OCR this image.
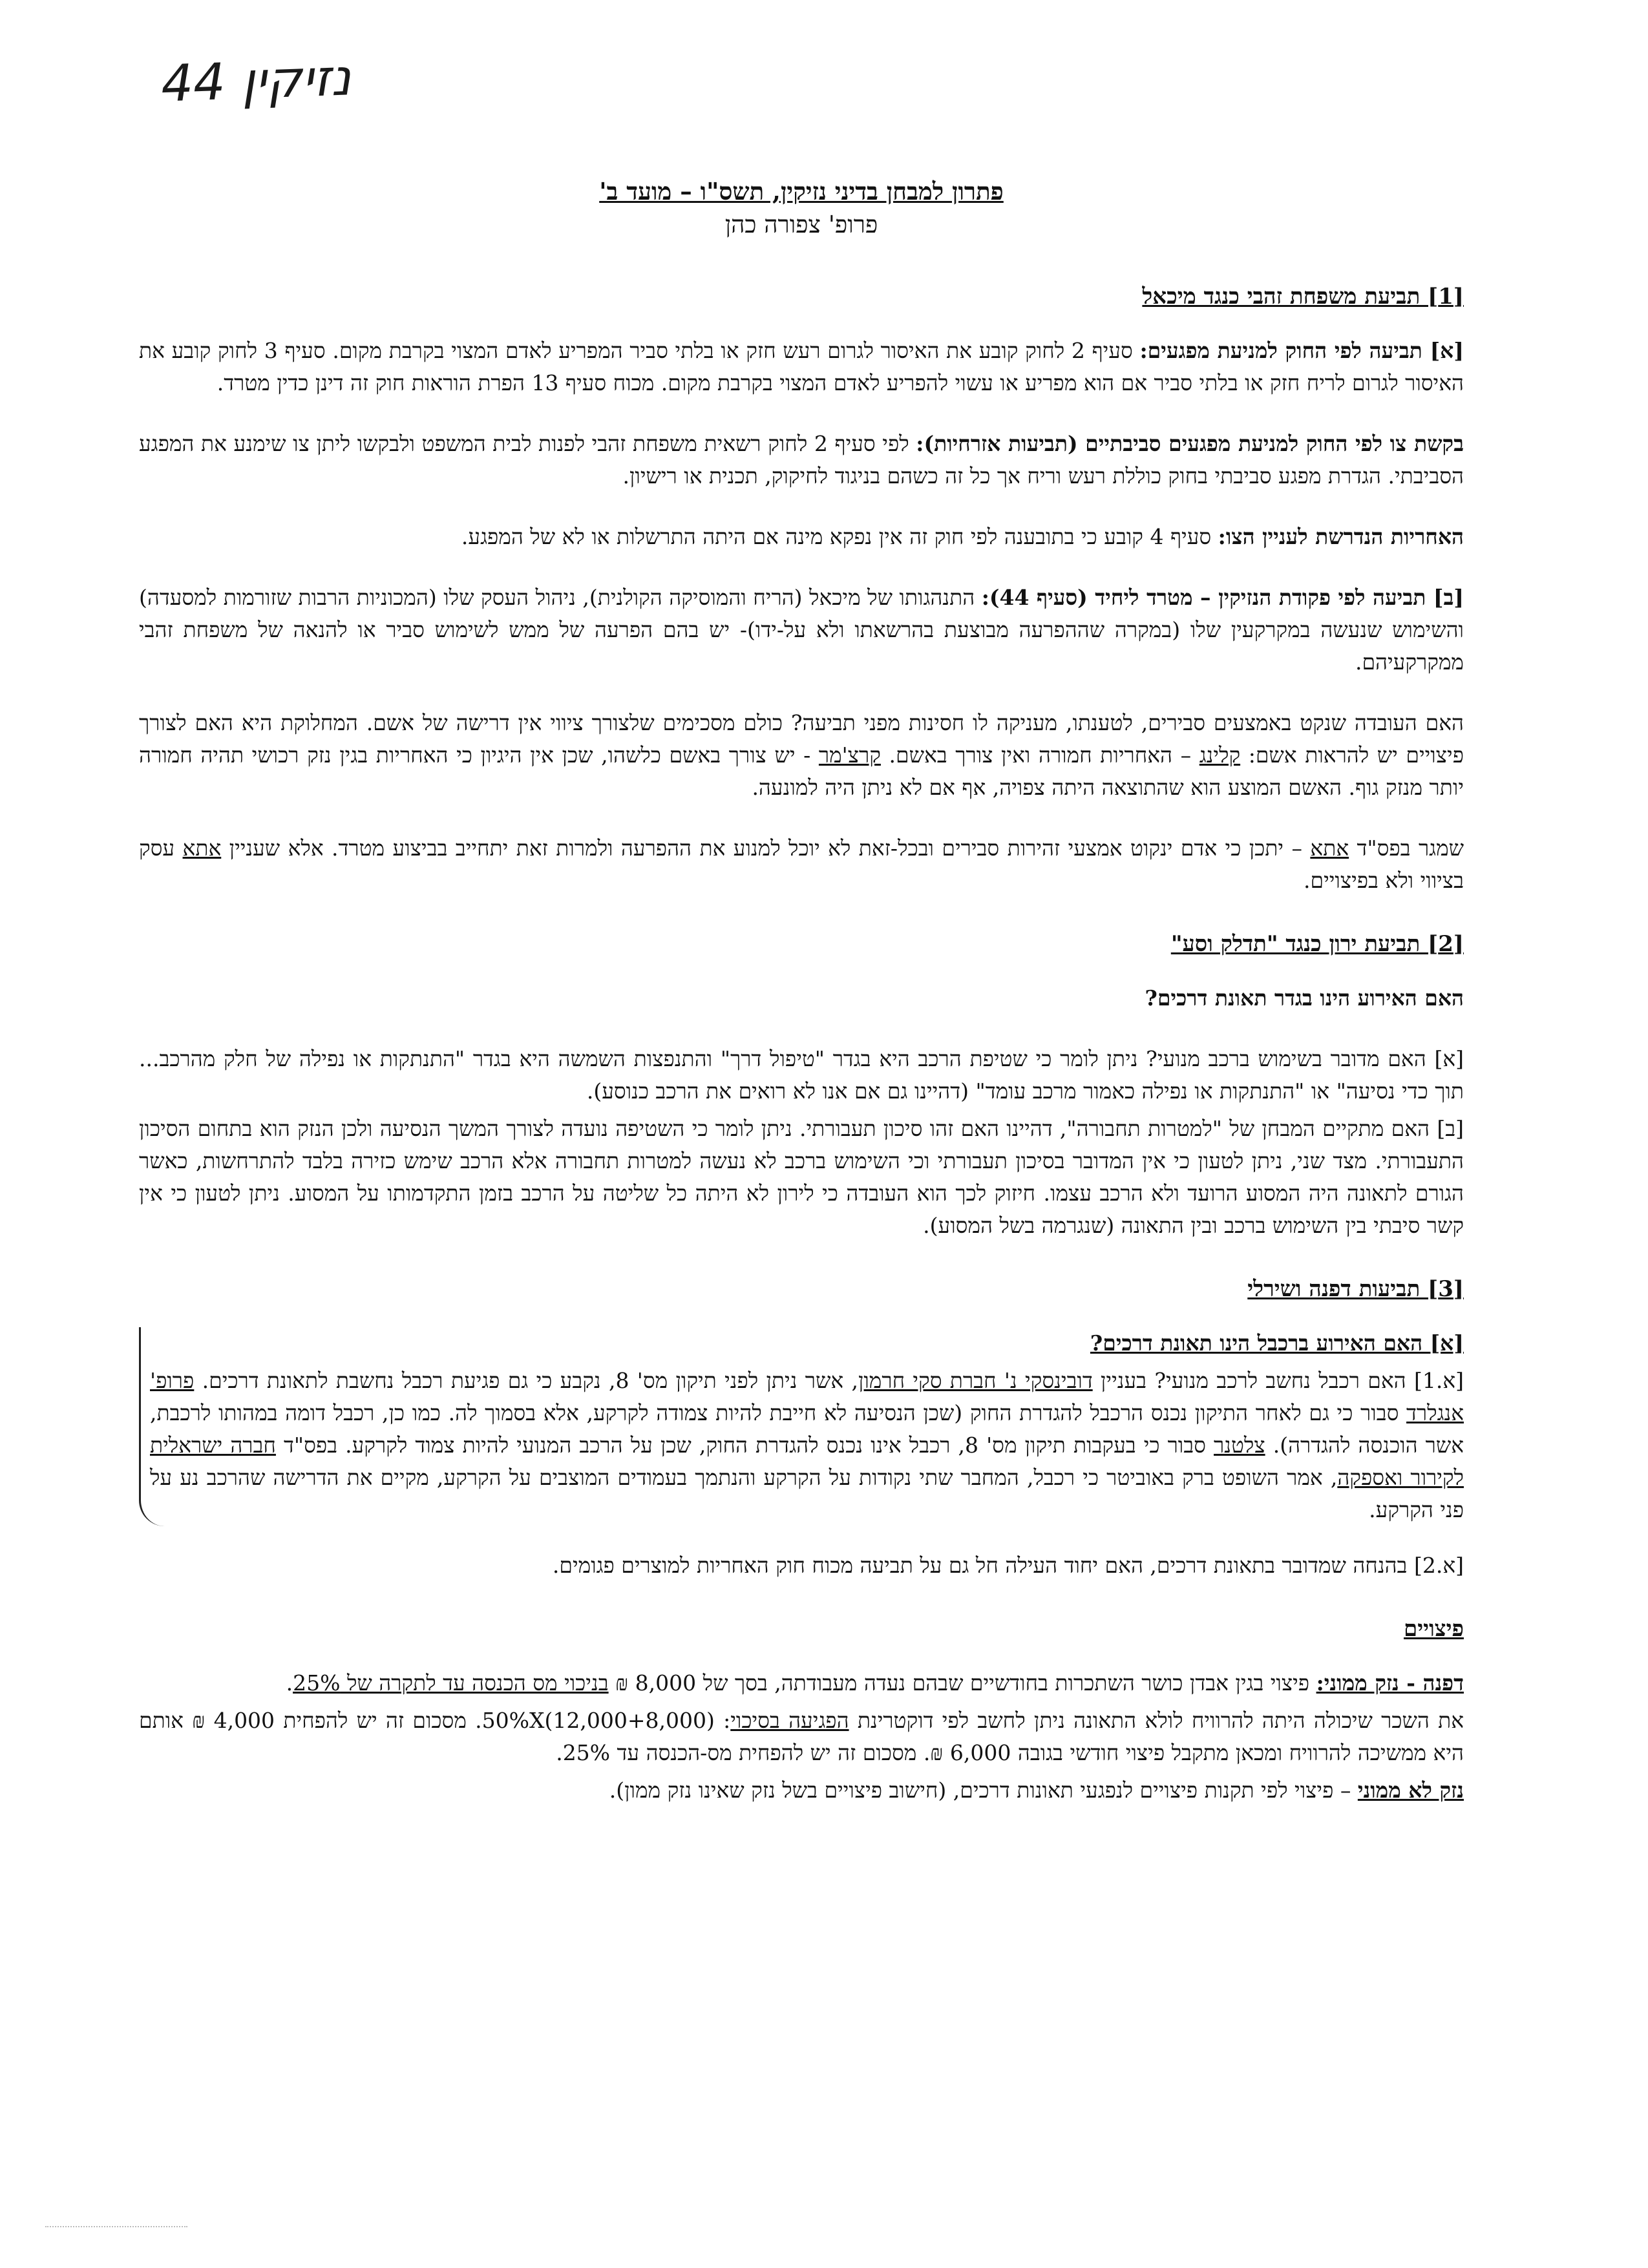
נזיקין 44
פתרון למבחן בדיני נזיקין, תשס"ו – מועד ב'
פרופ' צפורה כהן
[1] תביעת משפחת זהבי כנגד מיכאל

[א] תביעה לפי החוק למניעת מפגעים: סעיף 2 לחוק קובע את האיסור לגרום רעש חזק או בלתי סביר המפריע לאדם המצוי בקרבת מקום. סעיף 3 לחוק קובע את האיסור לגרום לריח חזק או בלתי סביר אם הוא מפריע או עשוי להפריע לאדם המצוי בקרבת מקום. מכוח סעיף 13 הפרת הוראות חוק זה דינן כדין מטרד.

בקשת צו לפי החוק למניעת מפגעים סביבתיים (תביעות אזרחיות): לפי סעיף 2 לחוק רשאית משפחת זהבי לפנות לבית המשפט ולבקשו ליתן צו שימנע את המפגע הסביבתי. הגדרת מפגע סביבתי בחוק כוללת רעש וריח אך כל זה כשהם בניגוד לחיקוק, תכנית או רישיון.

האחריות הנדרשת לעניין הצו: סעיף 4 קובע כי בתובענה לפי חוק זה אין נפקא מינה אם היתה התרשלות או לא של המפגע.

[ב] תביעה לפי פקודת הנזיקין – מטרד ליחיד (סעיף 44): התנהגותו של מיכאל (הריח והמוסיקה הקולנית), ניהול העסק שלו (המכוניות הרבות שזורמות למסעדה) והשימוש שנעשה במקרקעין שלו (במקרה שההפרעה מבוצעת בהרשאתו ולא על-ידו)- יש בהם הפרעה של ממש לשימוש סביר או להנאה של משפחת זהבי ממקרקעיהם.

האם העובדה שנקט באמצעים סבירים, לטענתו, מעניקה לו חסינות מפני תביעה? כולם מסכימים שלצורך ציווי אין דרישה של אשם. המחלוקת היא האם לצורך פיצויים יש להראות אשם: קלינג – האחריות חמורה ואין צורך באשם. קרצ'מר - יש צורך באשם כלשהו, שכן אין היגיון כי האחריות בגין נזק רכושי תהיה חמורה יותר מנזק גוף. האשם המוצע הוא שהתוצאה היתה צפויה, אף אם לא ניתן היה למונעה.

שמגר בפס"ד אתא – יתכן כי אדם ינקוט אמצעי זהירות סבירים ובכל-זאת לא יוכל למנוע את ההפרעה ולמרות זאת יתחייב בביצוע מטרד. אלא שעניין אתא עסק בציווי ולא בפיצויים.

[2] תביעת ירון כנגד "תדלק וסע"

האם האירוע הינו בגדר תאונת דרכים?

[א] האם מדובר בשימוש ברכב מנועי? ניתן לומר כי שטיפת הרכב היא בגדר "טיפול דרך" והתנפצות השמשה היא בגדר "התנתקות או נפילה של חלק מהרכב... תוך כדי נסיעה" או "התנתקות או נפילה כאמור מרכב עומד" (דהיינו גם אם אנו לא רואים את הרכב כנוסע).

[ב] האם מתקיים המבחן של "למטרות תחבורה", דהיינו האם זהו סיכון תעבורתי. ניתן לומר כי השטיפה נועדה לצורך המשך הנסיעה ולכן הנזק הוא בתחום הסיכון התעבורתי. מצד שני, ניתן לטעון כי אין המדובר בסיכון תעבורתי וכי השימוש ברכב לא נעשה למטרות תחבורה אלא הרכב שימש כזירה בלבד להתרחשות, כאשר הגורם לתאונה היה המסוע הרועד ולא הרכב עצמו. חיזוק לכך הוא העובדה כי לירון לא היתה כל שליטה על הרכב בזמן התקדמותו על המסוע. ניתן לטעון כי אין קשר סיבתי בין השימוש ברכב ובין התאונה (שנגרמה בשל המסוע).

[3] תביעות דפנה ושירלי

[א] האם האירוע ברכבל הינו תאונת דרכים?

[א.1] האם רכבל נחשב לרכב מנועי? בעניין דובינסקי נ' חברת סקי חרמון, אשר ניתן לפני תיקון מס' 8, נקבע כי גם פגיעת רכבל נחשבת לתאונת דרכים. פרופ' אנגלרד סבור כי גם לאחר התיקון נכנס הרכבל להגדרת החוק (שכן הנסיעה לא חייבת להיות צמודה לקרקע, אלא בסמוך לה. כמו כן, רכבל דומה במהותו לרכבת, אשר הוכנסה להגדרה). צלטנר סבור כי בעקבות תיקון מס' 8, רכבל אינו נכנס להגדרת החוק, שכן על הרכב המנועי להיות צמוד לקרקע. בפס"ד חברה ישראלית לקירור ואספקה, אמר השופט ברק באוביטר כי רכבל, המחבר שתי נקודות על הקרקע והנתמך בעמודים המוצבים על הקרקע, מקיים את הדרישה שהרכב נע על פני הקרקע.

[א.2] בהנחה שמדובר בתאונת דרכים, האם יחוד העילה חל גם על תביעה מכוח חוק האחריות למוצרים פגומים.

פיצויים

דפנה - נזק ממוני: פיצוי בגין אבדן כושר השתכרות בחודשיים שבהם נעדה מעבודתה, בסך של 8,000 ₪ בניכוי מס הכנסה עד לתקרה של 25%.

את השכר שיכולה היתה להרוויח לולא התאונה ניתן לחשב לפי דוקטרינת הפגיעה בסיכוי: 50%X(12,000+8,000). מסכום זה יש להפחית 4,000 ₪ אותם היא ממשיכה להרוויח ומכאן מתקבל פיצוי חודשי בגובה 6,000 ₪. מסכום זה יש להפחית מס-הכנסה עד 25%.

נזק לא ממוני – פיצוי לפי תקנות פיצויים לנפגעי תאונות דרכים, (חישוב פיצויים בשל נזק שאינו נזק ממון).
